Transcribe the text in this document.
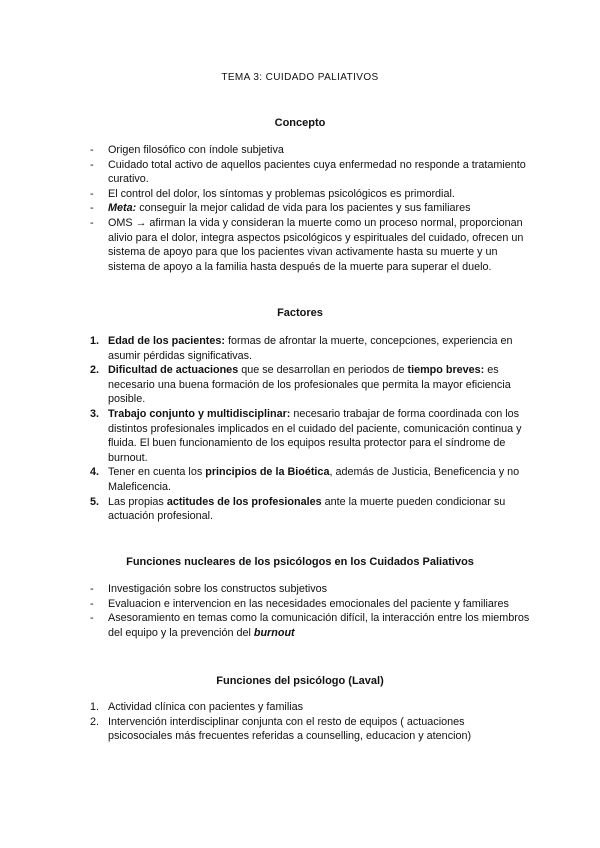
TEMA 3: CUIDADO PALIATIVOS
Concepto
- Origen filosófico con índole subjetiva
- Cuidado total activo de aquellos pacientes cuya enfermedad no responde a tratamiento curativo.
- El control del dolor, los síntomas y problemas psicológicos es primordial.
- Meta: conseguir la mejor calidad de vida para los pacientes y sus familiares
- OMS → afirman la vida y consideran la muerte como un proceso normal, proporcionan alivio para el dolor, integra aspectos psicológicos y espirituales del cuidado, ofrecen un sistema de apoyo para que los pacientes vivan activamente hasta su muerte y un sistema de apoyo a la familia hasta después de la muerte para superar el duelo.
Factores
1. Edad de los pacientes: formas de afrontar la muerte, concepciones, experiencia en asumir pérdidas significativas.
2. Dificultad de actuaciones que se desarrollan en periodos de tiempo breves: es necesario una buena formación de los profesionales que permita la mayor eficiencia posible.
3. Trabajo conjunto y multidisciplinar: necesario trabajar de forma coordinada con los distintos profesionales implicados en el cuidado del paciente, comunicación continua y fluida. El buen funcionamiento de los equipos resulta protector para el síndrome de burnout.
4. Tener en cuenta los principios de la Bioética, además de Justicia, Beneficencia y no Maleficencia.
5. Las propias actitudes de los profesionales ante la muerte pueden condicionar su actuación profesional.
Funciones nucleares de los psicólogos en los Cuidados Paliativos
- Investigación sobre los constructos subjetivos
- Evaluacion e intervencion en las necesidades emocionales del paciente y familiares
- Asesoramiento en temas como la comunicación difícil, la interacción entre los miembros del equipo y la prevención del burnout
Funciones del psicólogo (Laval)
1. Actividad clínica con pacientes y familias
2. Intervención interdisciplinar conjunta con el resto de equipos ( actuaciones psicosociales más frecuentes referidas a counselling, educacion y atencion)
